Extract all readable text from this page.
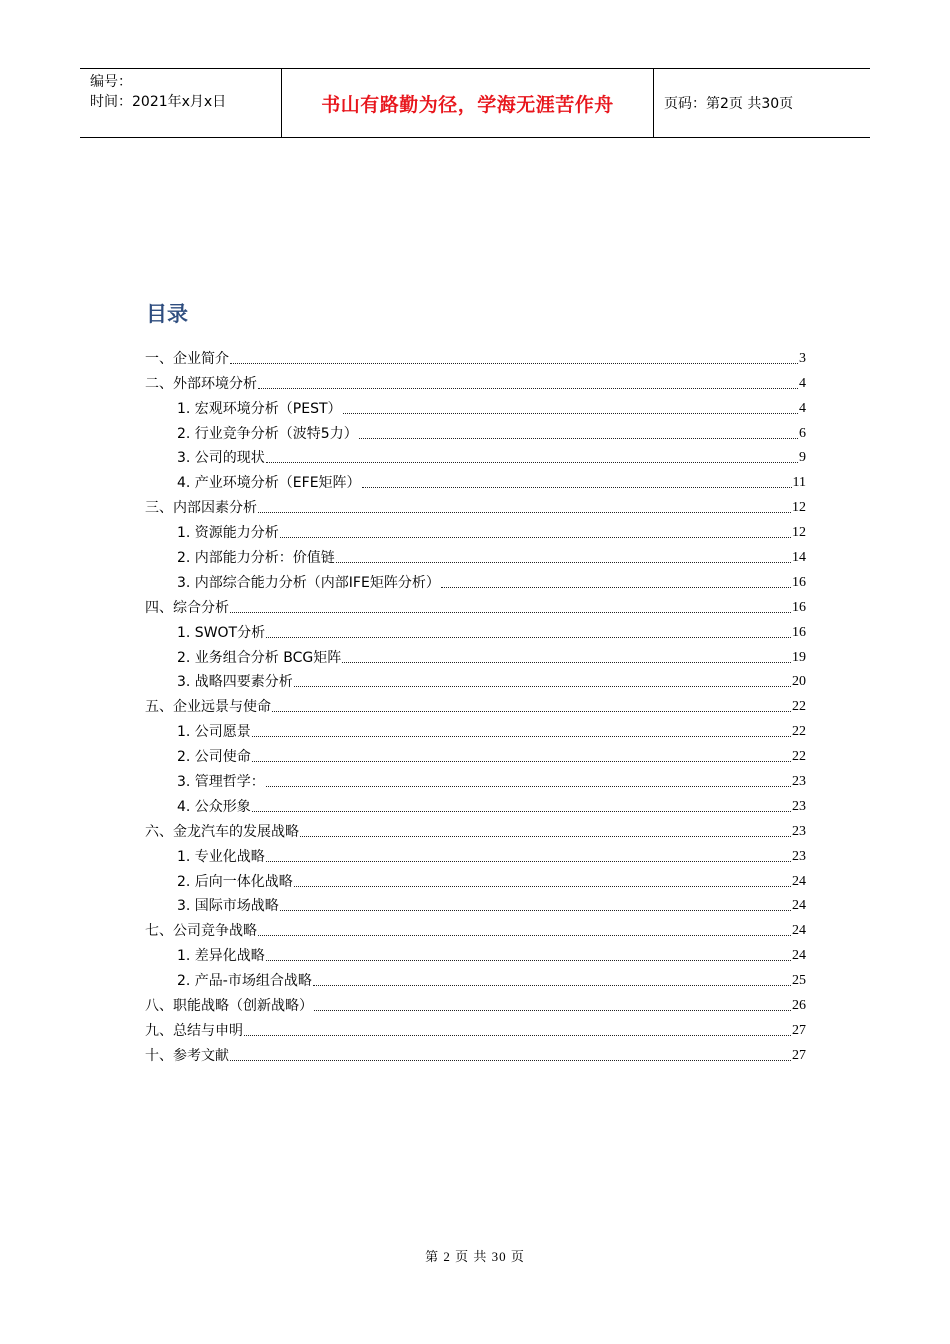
编号：
时间：2021年x月x日	书山有路勤为径，学海无涯苦作舟	页码：第2页 共30页
目录
一、企业简介	3
二、外部环境分析	4
1. 宏观环境分析（PEST）	4
2. 行业竞争分析（波特5力）	6
3. 公司的现状	9
4. 产业环境分析（EFE矩阵）	11
三、内部因素分析	12
1. 资源能力分析	12
2. 内部能力分析：价值链	14
3. 内部综合能力分析（内部IFE矩阵分析）	16
四、综合分析	16
1. SWOT分析	16
2. 业务组合分析 BCG矩阵	19
3. 战略四要素分析	20
五、企业远景与使命	22
1. 公司愿景	22
2. 公司使命	22
3. 管理哲学：	23
4. 公众形象	23
六、金龙汽车的发展战略	23
1. 专业化战略	23
2. 后向一体化战略	24
3. 国际市场战略	24
七、公司竞争战略	24
1. 差异化战略	24
2. 产品-市场组合战略	25
八、职能战略（创新战略）	26
九、总结与申明	27
十、参考文献	27
第 2 页 共 30 页
